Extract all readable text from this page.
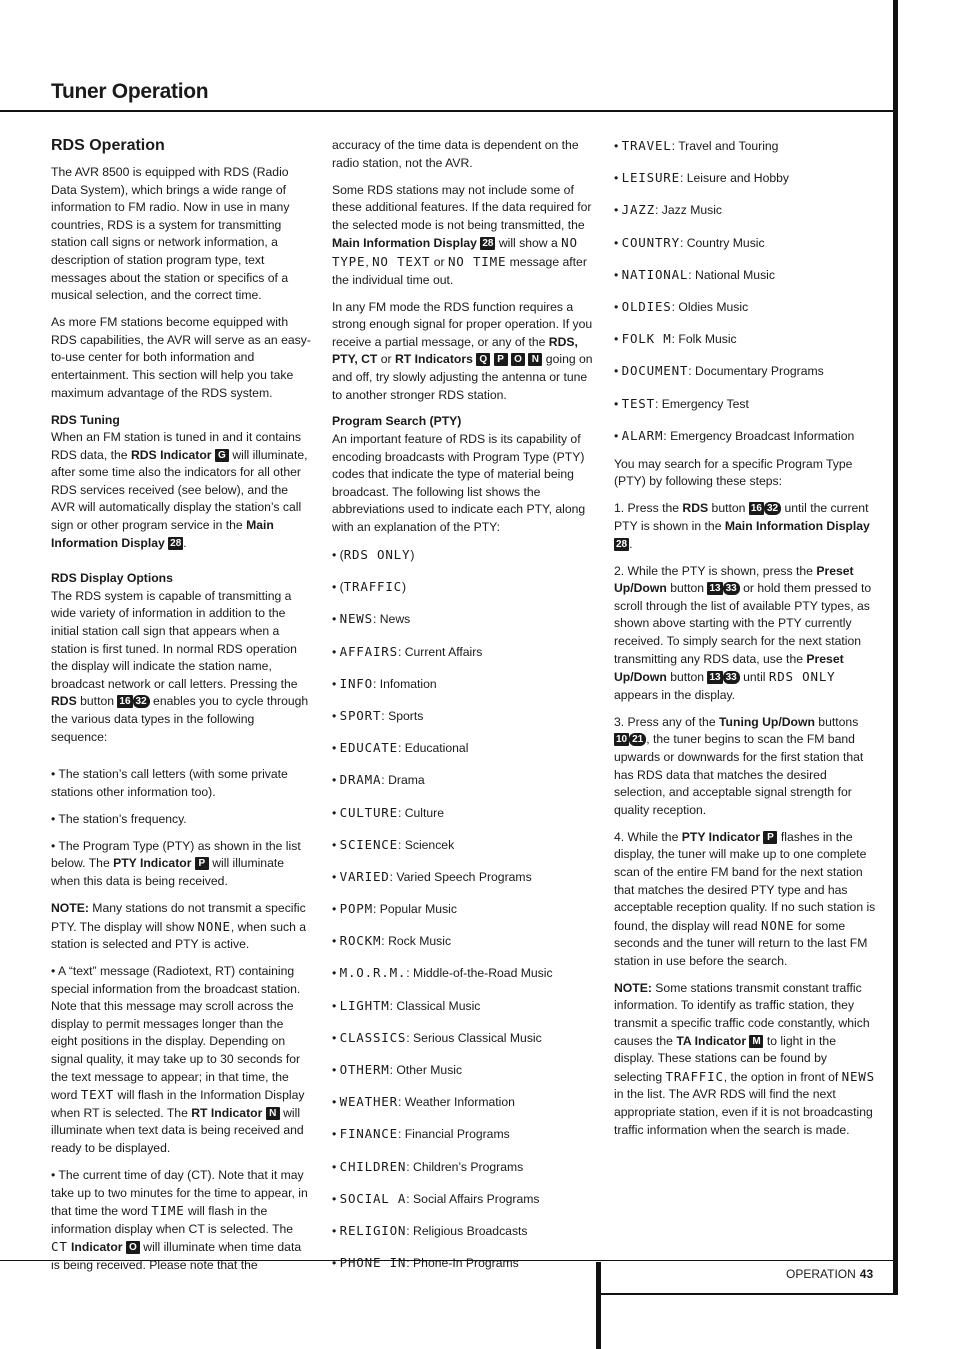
Tuner Operation
RDS Operation

The AVR 8500 is equipped with RDS (Radio Data System), which brings a wide range of information to FM radio. Now in use in many countries, RDS is a system for transmitting station call signs or network information, a description of station program type, text messages about the station or specifics of a musical selection, and the correct time.

As more FM stations become equipped with RDS capabilities, the AVR will serve as an easy-to-use center for both information and entertainment. This section will help you take maximum advantage of the RDS system.

RDS Tuning
When an FM station is tuned in and it contains RDS data, the RDS Indicator G will illuminate, after some time also the indicators for all other RDS services received (see below), and the AVR will automatically display the station’s call sign or other program service in the Main Information Display 28 .

RDS Display Options
The RDS system is capable of transmitting a wide variety of information in addition to the initial station call sign that appears when a station is first tuned. In normal RDS operation the display will indicate the station name, broadcast network or call letters. Pressing the RDS button 16 32 enables you to cycle through the various data types in the following sequence:

• The station’s call letters (with some private stations other information too).

• The station’s frequency.

• The Program Type (PTY) as shown in the list below. The PTY Indicator P will illuminate when this data is being received.

NOTE: Many stations do not transmit a specific PTY. The display will show NONE, when such a station is selected and PTY is active.

• A “text” message (Radiotext, RT) containing special information from the broadcast station. Note that this message may scroll across the display to permit messages longer than the eight positions in the display. Depending on signal quality, it may take up to 30 seconds for the text message to appear; in that time, the word TEXT will flash in the Information Display when RT is selected. The RT Indicator N will illuminate when text data is being received and ready to be displayed.

• The current time of day (CT). Note that it may take up to two minutes for the time to appear, in that time the word TIME will flash in the information display when CT is selected. The CT Indicator O will illuminate when time data is being received. Please note that the

accuracy of the time data is dependent on the radio station, not the AVR.

Some RDS stations may not include some of these additional features. If the data required for the selected mode is not being transmitted, the Main Information Display 28 will show a NO TYPE, NO TEXT or NO TIME message after the individual time out.

In any FM mode the RDS function requires a strong enough signal for proper operation. If you receive a partial message, or any of the RDS, PTY, CT or RT Indicators Q P O N going on and off, try slowly adjusting the antenna or tune to another stronger RDS station.

Program Search (PTY)
An important feature of RDS is its capability of encoding broadcasts with Program Type (PTY) codes that indicate the type of material being broadcast. The following list shows the abbreviations used to indicate each PTY, along with an explanation of the PTY:

• (RDS ONLY)
• (TRAFFIC)
• NEWS: News
• AFFAIRS: Current Affairs
• INFO: Infomation
• SPORT: Sports
• EDUCATE: Educational
• DRAMA: Drama
• CULTURE: Culture
• SCIENCE: Sciencek
• VARIED: Varied Speech Programs
• POPM: Popular Music
• ROCKM: Rock Music
• M.O.R.M.: Middle-of-the-Road Music
• LIGHTM: Classical Music
• CLASSICS: Serious Classical Music
• OTHERM: Other Music
• WEATHER: Weather Information
• FINANCE: Financial Programs
• CHILDREN: Children’s Programs
• SOCIAL A: Social Affairs Programs
• RELIGION: Religious Broadcasts
• PHONE IN: Phone-In Programs
• TRAVEL: Travel and Touring
• LEISURE: Leisure and Hobby
• JAZZ: Jazz Music
• COUNTRY: Country Music
• NATIONAL: National Music
• OLDIES: Oldies Music
• FOLK M: Folk Music
• DOCUMENT: Documentary Programs
• TEST: Emergency Test
• ALARM: Emergency Broadcast Information

You may search for a specific Program Type (PTY) by following these steps:

1. Press the RDS button 16 32 until the current PTY is shown in the Main Information Display 28 .

2. While the PTY is shown, press the Preset Up/Down button 13 33 or hold them pressed to scroll through the list of available PTY types, as shown above starting with the PTY currently received. To simply search for the next station transmitting any RDS data, use the Preset Up/Down button 13 33 until RDS ONLY appears in the display.

3. Press any of the Tuning Up/Down buttons 10 21 , the tuner begins to scan the FM band upwards or downwards for the first station that has RDS data that matches the desired selection, and acceptable signal strength for quality reception.

4. While the PTY Indicator P flashes in the display, the tuner will make up to one complete scan of the entire FM band for the next station that matches the desired PTY type and has acceptable reception quality. If no such station is found, the display will read NONE for some seconds and the tuner will return to the last FM station in use before the search.

NOTE: Some stations transmit constant traffic information. To identify as traffic station, they transmit a specific traffic code constantly, which causes the TA Indicator M to light in the display. These stations can be found by selecting TRAFFIC, the option in front of NEWS in the list. The AVR RDS will find the next appropriate station, even if it is not broadcasting traffic information when the search is made.

OPERATION 43
